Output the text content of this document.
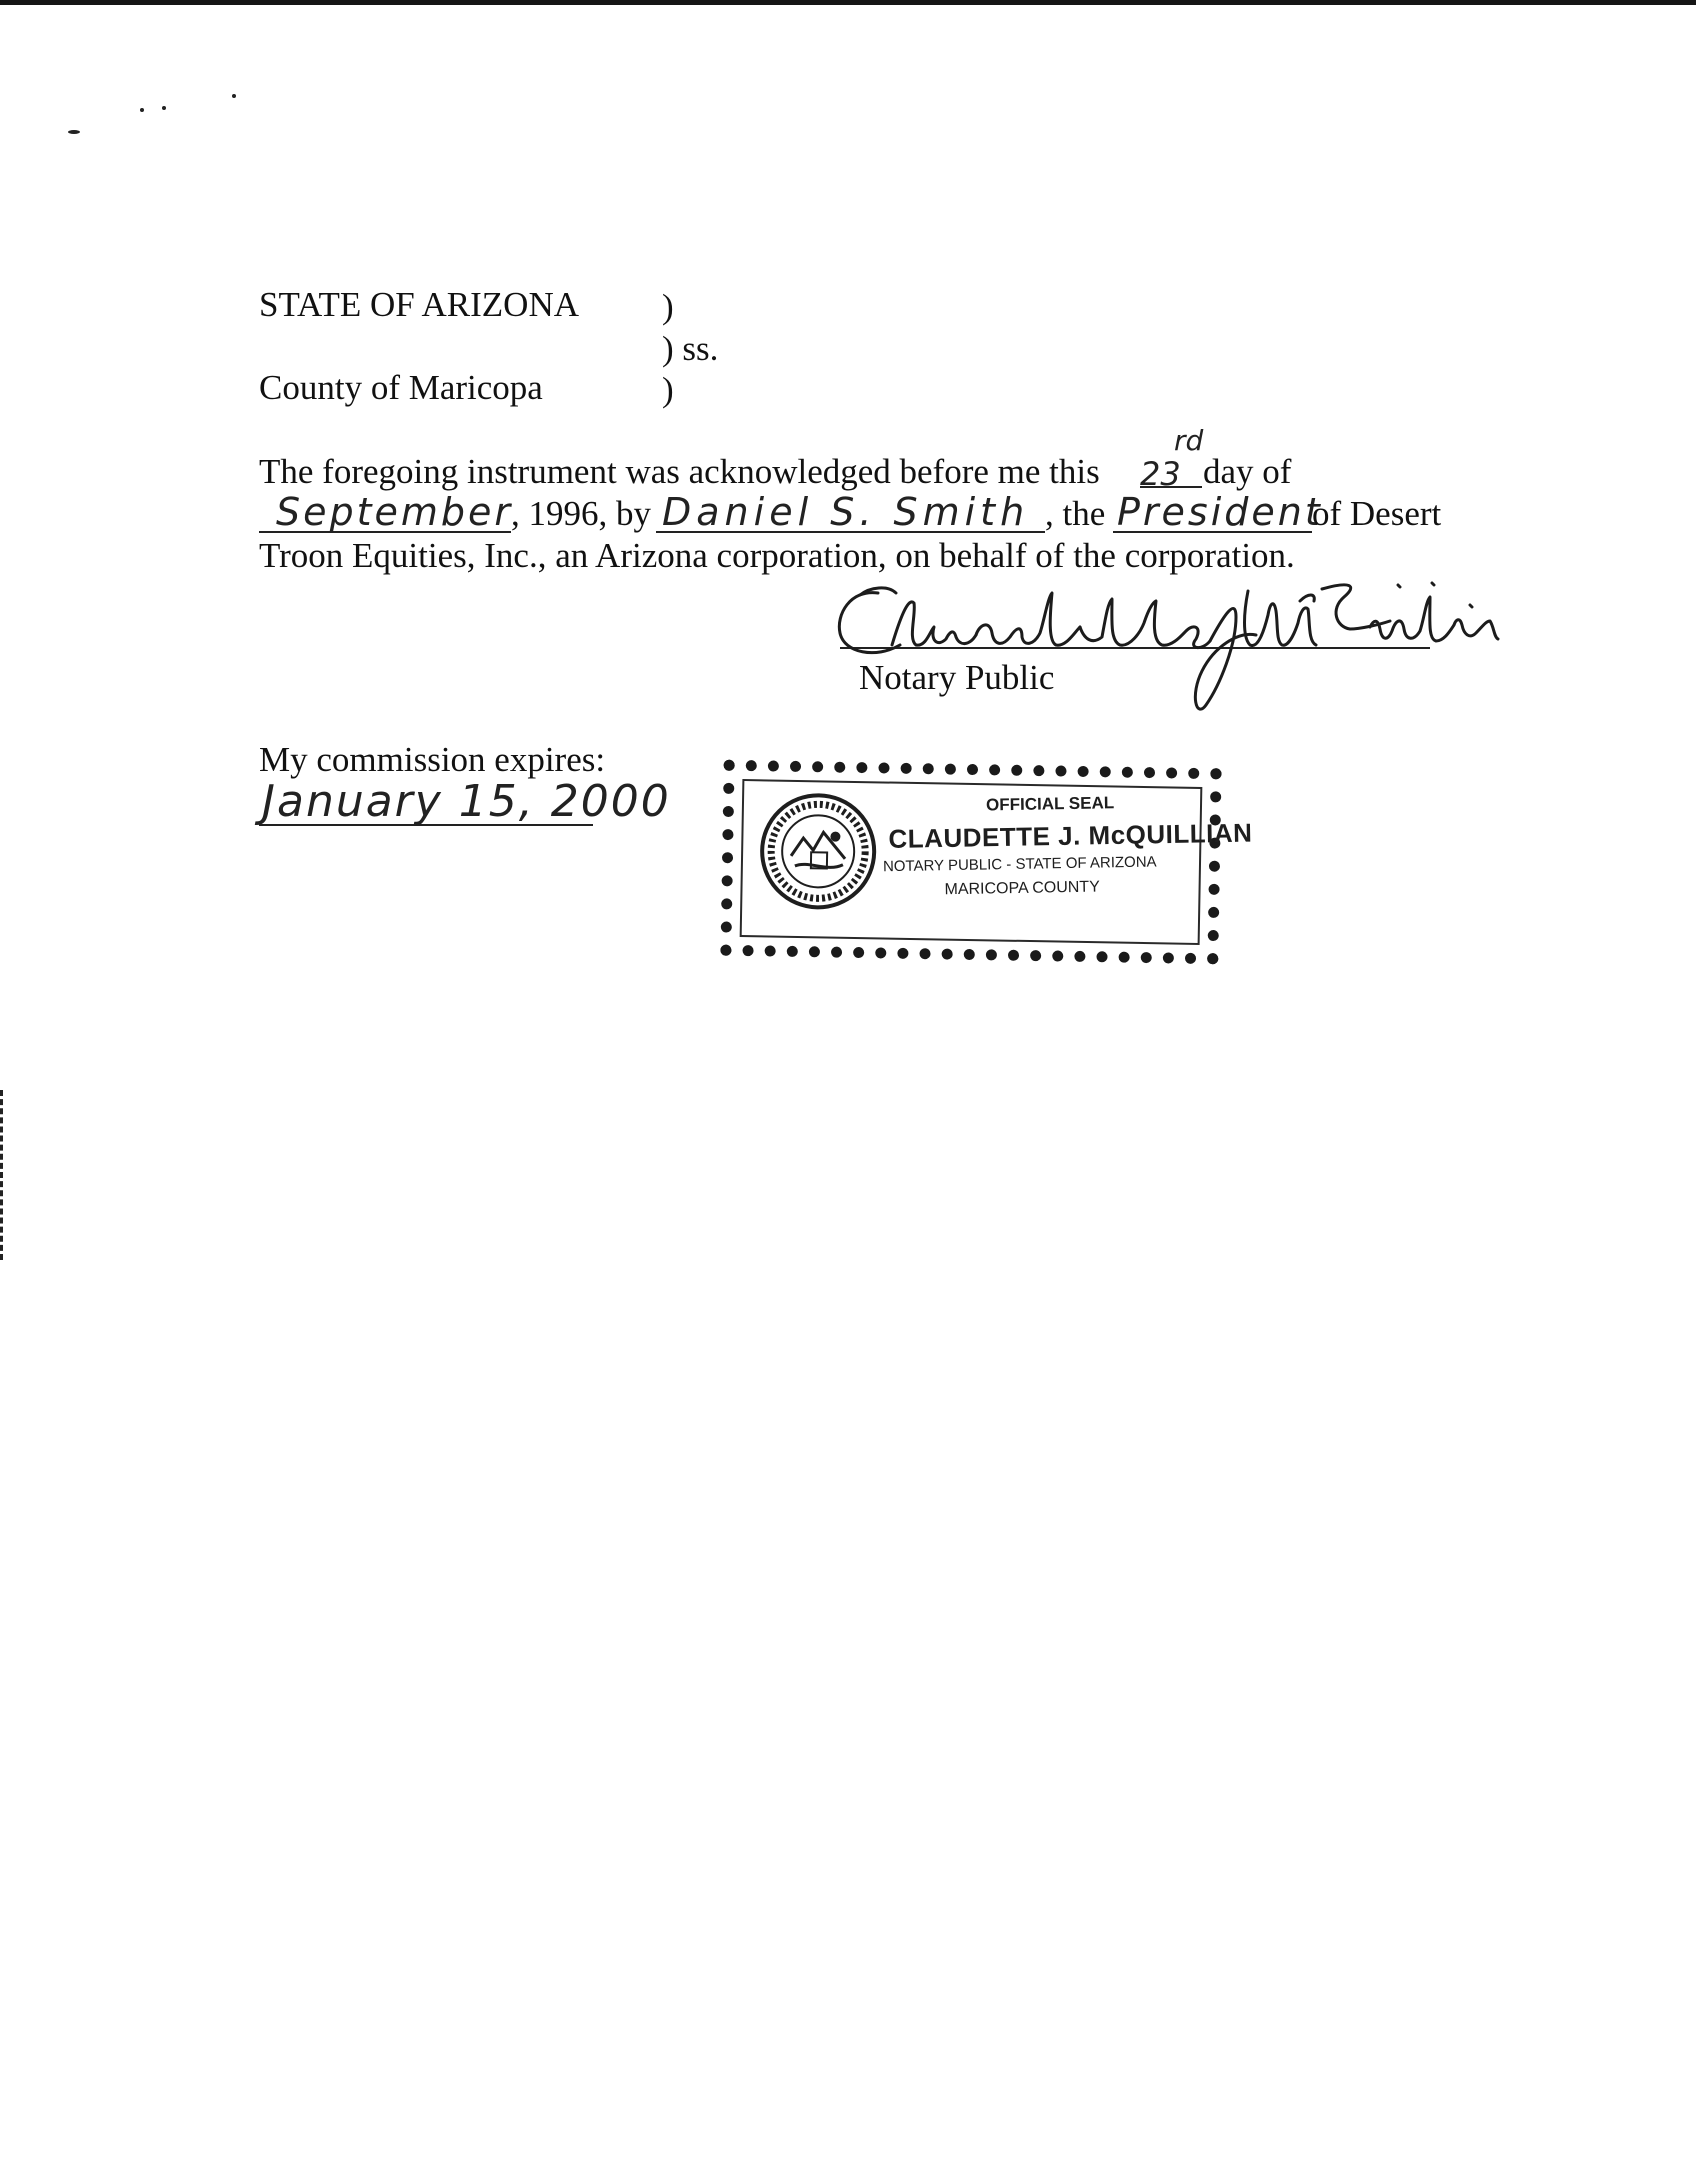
STATE OF ARIZONA )
) ss.
County of Maricopa	)
The foregoing instrument was acknowledged before me this 23
rd
day of
September
, 1996, by Daniel S. Smith , the President
of Desert
Troon Equities, Inc., an Arizona corporation, on behalf of the corporation.
Notary Public
My commission expires:
January 15, 2000	OFFICIAL SEAL
CLAUDETTE J. McQUILLIAN
NOTARY PUBLIC - STATE OF ARIZONA
MARICOPA COUNTY
